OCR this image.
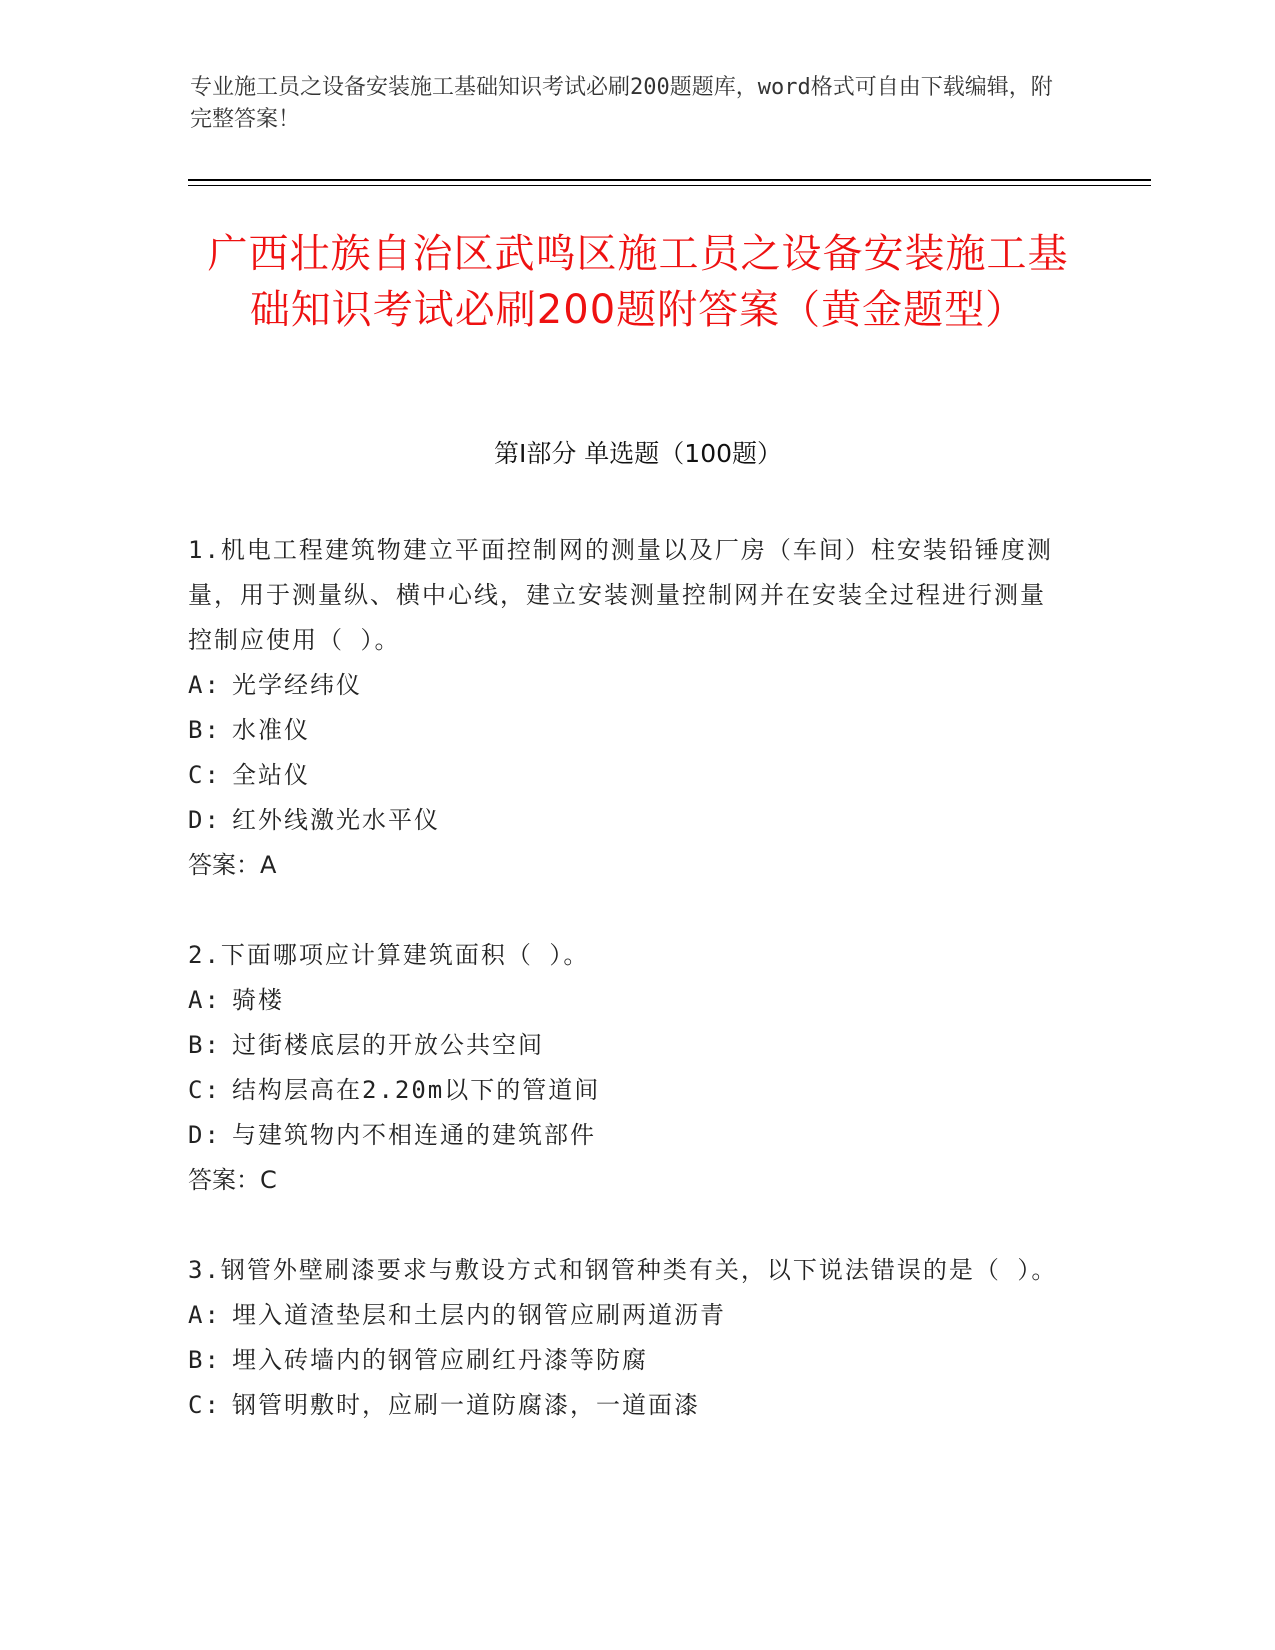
专业施工员之设备安装施工基础知识考试必刷200题题库，word格式可自由下载编辑，附完整答案！
广西壮族自治区武鸣区施工员之设备安装施工基础知识考试必刷200题附答案（黄金题型）
第Ⅰ部分 单选题（100题）

1.机电工程建筑物建立平面控制网的测量以及厂房（车间）柱安装铅锤度测量，用于测量纵、横中心线，建立安装测量控制网并在安装全过程进行测量控制应使用（ ）。

A: 光学经纬仪

B: 水准仪

C: 全站仪

D: 红外线激光水平仪

答案：A

2.下面哪项应计算建筑面积（ ）。

A: 骑楼

B: 过街楼底层的开放公共空间

C: 结构层高在2.20m以下的管道间

D: 与建筑物内不相连通的建筑部件

答案：C

3.钢管外壁刷漆要求与敷设方式和钢管种类有关，以下说法错误的是（ ）。

A: 埋入道渣垫层和土层内的钢管应刷两道沥青

B: 埋入砖墙内的钢管应刷红丹漆等防腐

C: 钢管明敷时，应刷一道防腐漆，一道面漆
